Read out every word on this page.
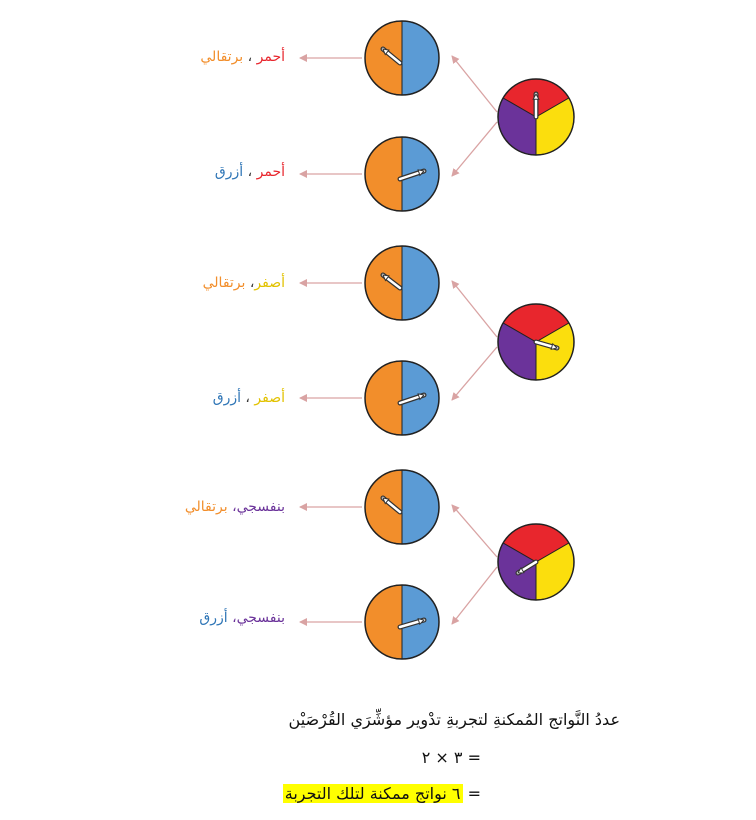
أحمر ، برتقالي
أحمر ، أزرق
أصفر، برتقالي
أصفر ، أزرق
بنفسجي، برتقالي
بنفسجي، أزرق
عددُ النَّواتج المُمكنةِ لتجربةِ تدْوير مؤشِّرَي القُرْصَيْن
= ٣ × ٢
= ٦ نواتج ممكنة لتلك التجربة
